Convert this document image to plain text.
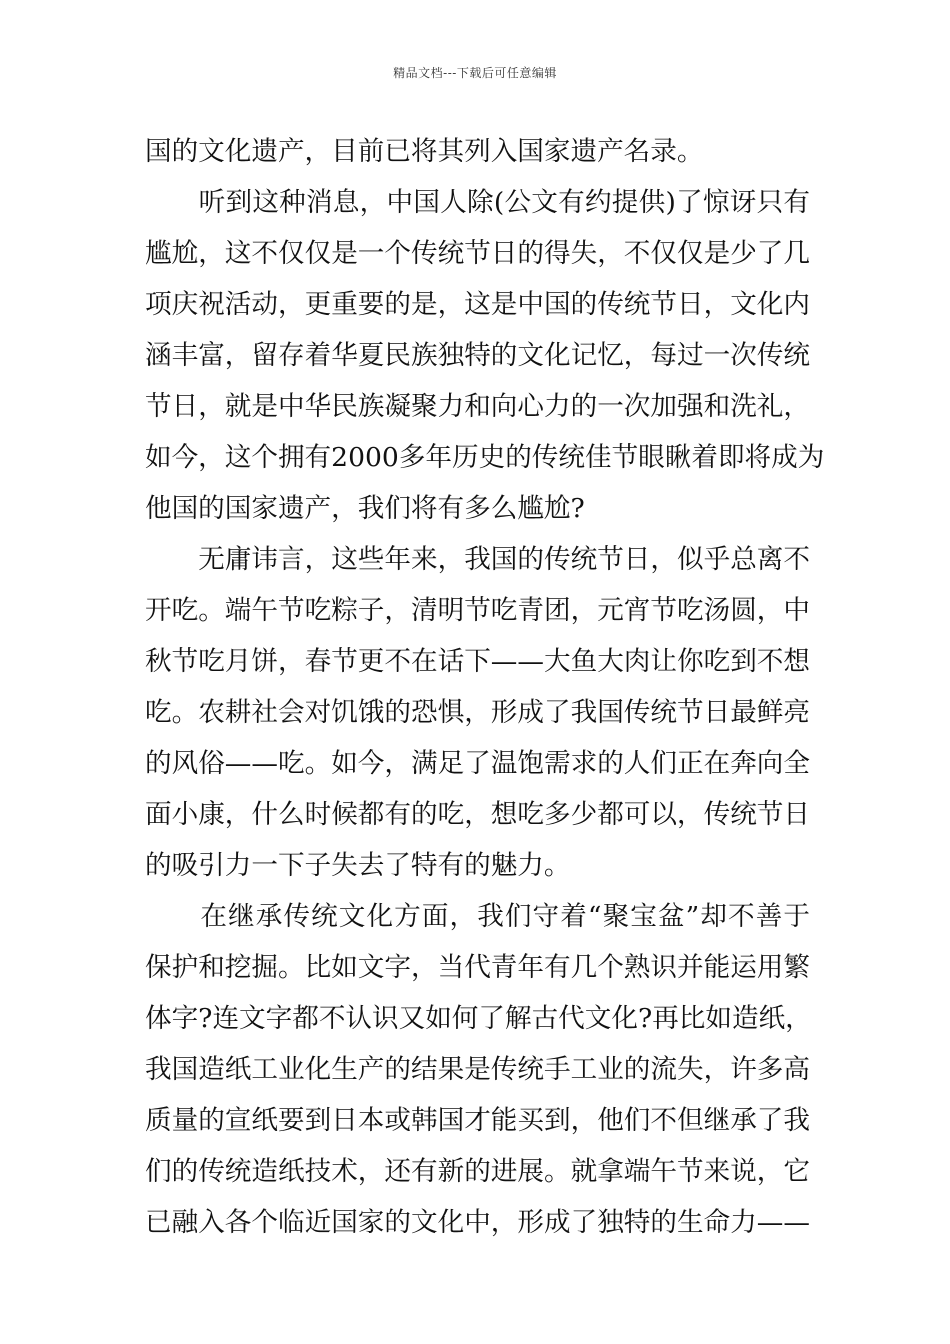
精品文档---下载后可任意编辑
国的文化遗产，目前已将其列入国家遗产名录。
　　听到这种消息，中国人除(公文有约提供)了惊讶只有
尴尬，这不仅仅是一个传统节日的得失，不仅仅是少了几
项庆祝活动，更重要的是，这是中国的传统节日，文化内
涵丰富，留存着华夏民族独特的文化记忆，每过一次传统
节日，就是中华民族凝聚力和向心力的一次加强和洗礼，
如今，这个拥有2000多年历史的传统佳节眼瞅着即将成为
他国的国家遗产，我们将有多么尴尬?
　　无庸讳言，这些年来，我国的传统节日，似乎总离不
开吃。端午节吃粽子，清明节吃青团，元宵节吃汤圆，中
秋节吃月饼，春节更不在话下——大鱼大肉让你吃到不想
吃。农耕社会对饥饿的恐惧，形成了我国传统节日最鲜亮
的风俗——吃。如今，满足了温饱需求的人们正在奔向全
面小康，什么时候都有的吃，想吃多少都可以，传统节日
的吸引力一下子失去了特有的魅力。
　　在继承传统文化方面，我们守着“聚宝盆”却不善于
保护和挖掘。比如文字，当代青年有几个熟识并能运用繁
体字?连文字都不认识又如何了解古代文化?再比如造纸，
我国造纸工业化生产的结果是传统手工业的流失，许多高
质量的宣纸要到日本或韩国才能买到，他们不但继承了我
们的传统造纸技术，还有新的进展。就拿端午节来说，它
已融入各个临近国家的文化中，形成了独特的生命力——
